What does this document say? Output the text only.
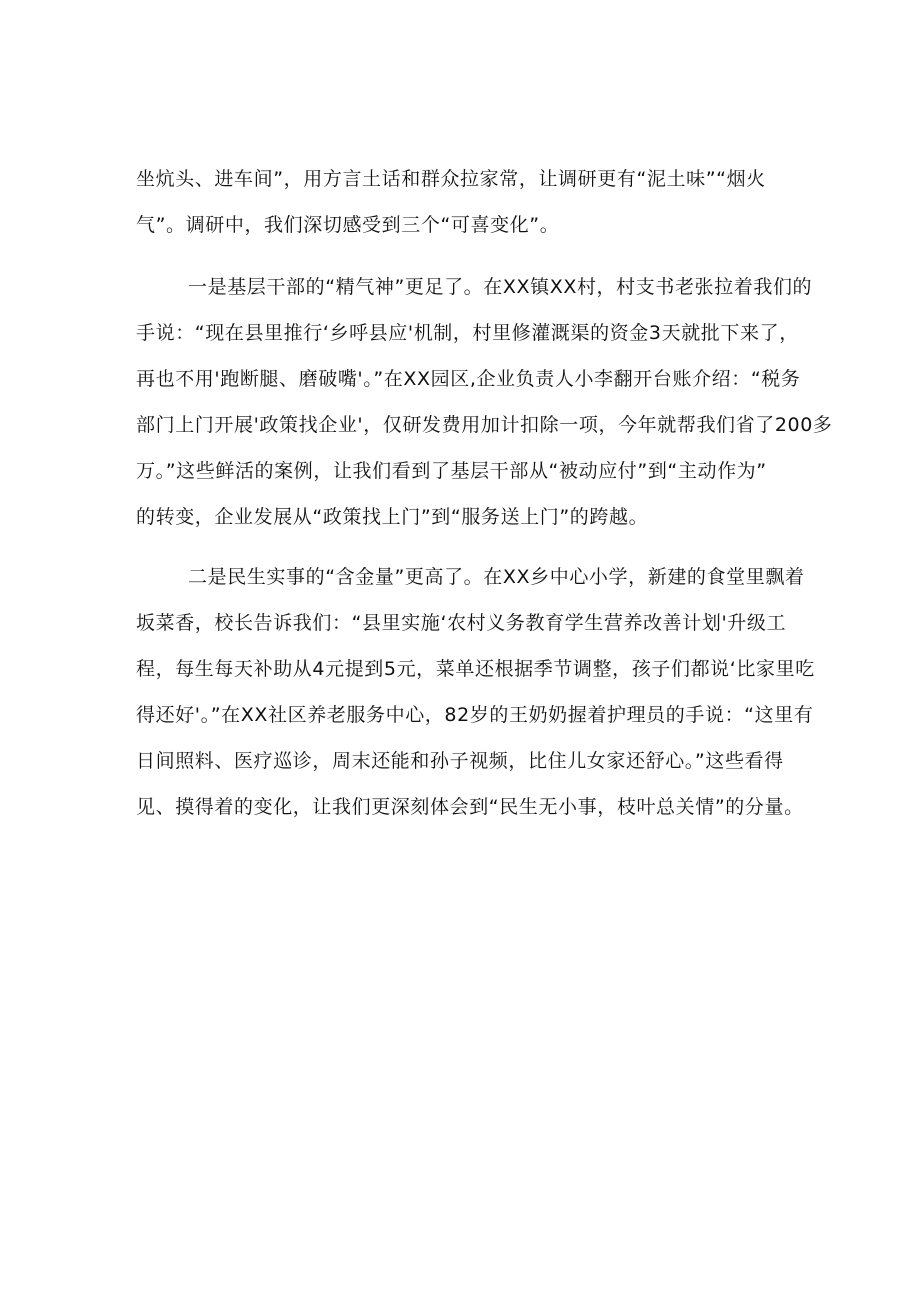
坐炕头、进车间”，用方言土话和群众拉家常，让调研更有“泥土味”“烟火
气”。调研中，我们深切感受到三个“可喜变化”。
一是基层干部的“精气神”更足了。在XX镇XX村，村支书老张拉着我们的
手说：“现在县里推行‘乡呼县应'机制，村里修灌溉渠的资金3天就批下来了，
再也不用'跑断腿、磨破嘴'。”在XX园区,企业负责人小李翻开台账介绍：“税务
部门上门开展'政策找企业'，仅研发费用加计扣除一项，今年就帮我们省了200多
万。”这些鲜活的案例，让我们看到了基层干部从“被动应付”到“主动作为”
的转变，企业发展从“政策找上门”到“服务送上门”的跨越。
二是民生实事的“含金量”更高了。在XX乡中心小学，新建的食堂里飘着
坂菜香，校长告诉我们：“县里实施‘农村义务教育学生营养改善计划'升级工
程，每生每天补助从4元提到5元，菜单还根据季节调整，孩子们都说‘比家里吃
得还好'。”在XX社区养老服务中心，82岁的王奶奶握着护理员的手说：“这里有
日间照料、医疗巡诊，周末还能和孙子视频，比住儿女家还舒心。”这些看得
见、摸得着的变化，让我们更深刻体会到“民生无小事，枝叶总关情”的分量。
